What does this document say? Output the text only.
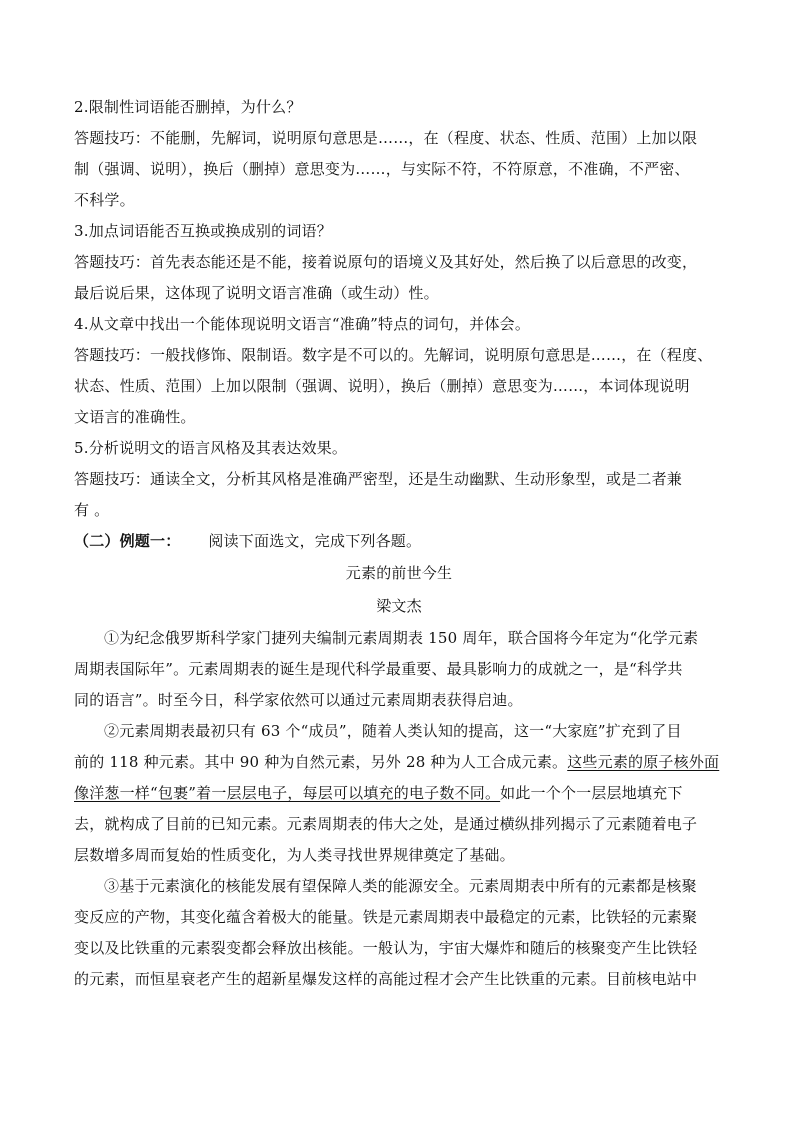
2.限制性词语能否删掉，为什么？

答题技巧：不能删，先解词，说明原句意思是……，在（程度、状态、性质、范围）上加以限

制（强调、说明），换后（删掉）意思变为……，与实际不符，不符原意，不准确，不严密、

不科学。

3.加点词语能否互换或换成别的词语？

答题技巧：首先表态能还是不能，接着说原句的语境义及其好处，然后换了以后意思的改变，

最后说后果，这体现了说明文语言准确（或生动）性。

4.从文章中找出一个能体现说明文语言“准确”特点的词句，并体会。

答题技巧：一般找修饰、限制语。数字是不可以的。先解词，说明原句意思是……，在（程度、

状态、性质、范围）上加以限制（强调、说明），换后（删掉）意思变为……，本词体现说明

文语言的准确性。

5.分析说明文的语言风格及其表达效果。

答题技巧：通读全文，分析其风格是准确严密型，还是生动幽默、生动形象型，或是二者兼

有 。

（二）例题一： 阅读下面选文，完成下列各题。

元素的前世今生

梁文杰

①为纪念俄罗斯科学家门捷列夫编制元素周期表 150 周年，联合国将今年定为“化学元素

周期表国际年”。元素周期表的诞生是现代科学最重要、最具影响力的成就之一，是“科学共

同的语言”。时至今日，科学家依然可以通过元素周期表获得启迪。

②元素周期表最初只有 63 个“成员”，随着人类认知的提高，这一“大家庭”扩充到了目

前的 118 种元素。其中 90 种为自然元素，另外 28 种为人工合成元素。这些元素的原子核外面

像洋葱一样“包裹”着一层层电子，每层可以填充的电子数不同。如此一个个一层层地填充下

去，就构成了目前的已知元素。元素周期表的伟大之处，是通过横纵排列揭示了元素随着电子

层数增多周而复始的性质变化，为人类寻找世界规律奠定了基础。

③基于元素演化的核能发展有望保障人类的能源安全。元素周期表中所有的元素都是核聚

变反应的产物，其变化蕴含着极大的能量。铁是元素周期表中最稳定的元素，比铁轻的元素聚

变以及比铁重的元素裂变都会释放出核能。一般认为，宇宙大爆炸和随后的核聚变产生比铁轻

的元素，而恒星衰老产生的超新星爆发这样的高能过程才会产生比铁重的元素。目前核电站中
